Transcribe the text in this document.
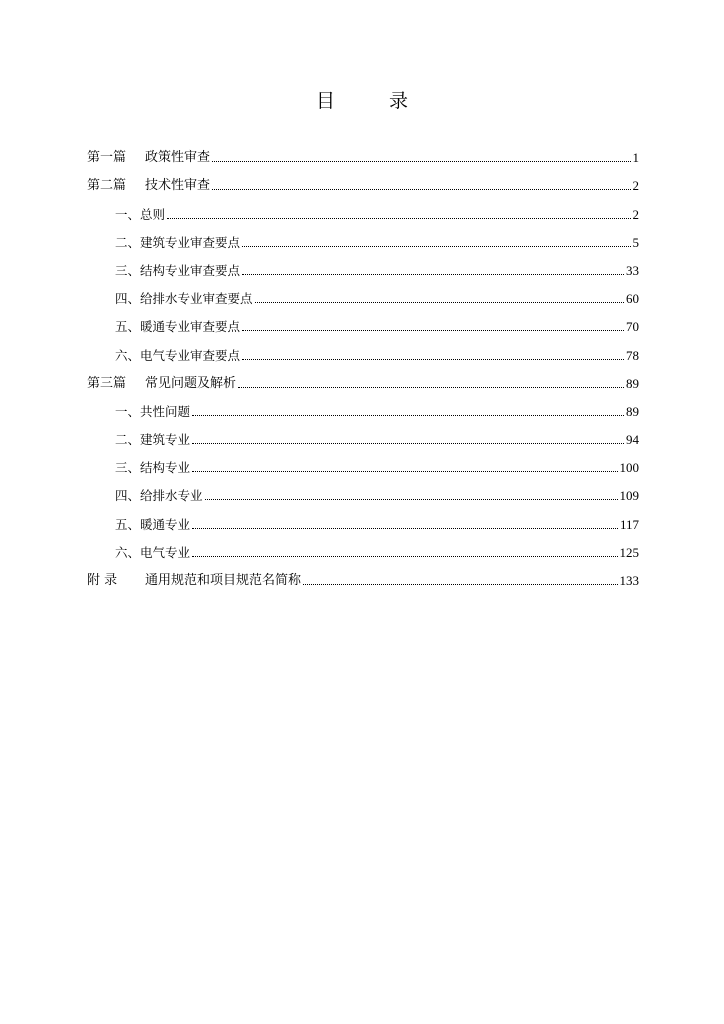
目 录
第一篇 政策性审查	1
第二篇 技术性审查	2
一、总则	2
二、建筑专业审查要点	5
三、结构专业审查要点	33
四、给排水专业审查要点	60
五、暖通专业审查要点	70
六、电气专业审查要点	78
第三篇 常见问题及解析	89
一、共性问题	89
二、建筑专业	94
三、结构专业	100
四、给排水专业	109
五、暖通专业	117
六、电气专业	125
附 录 通用规范和项目规范名简称	133
